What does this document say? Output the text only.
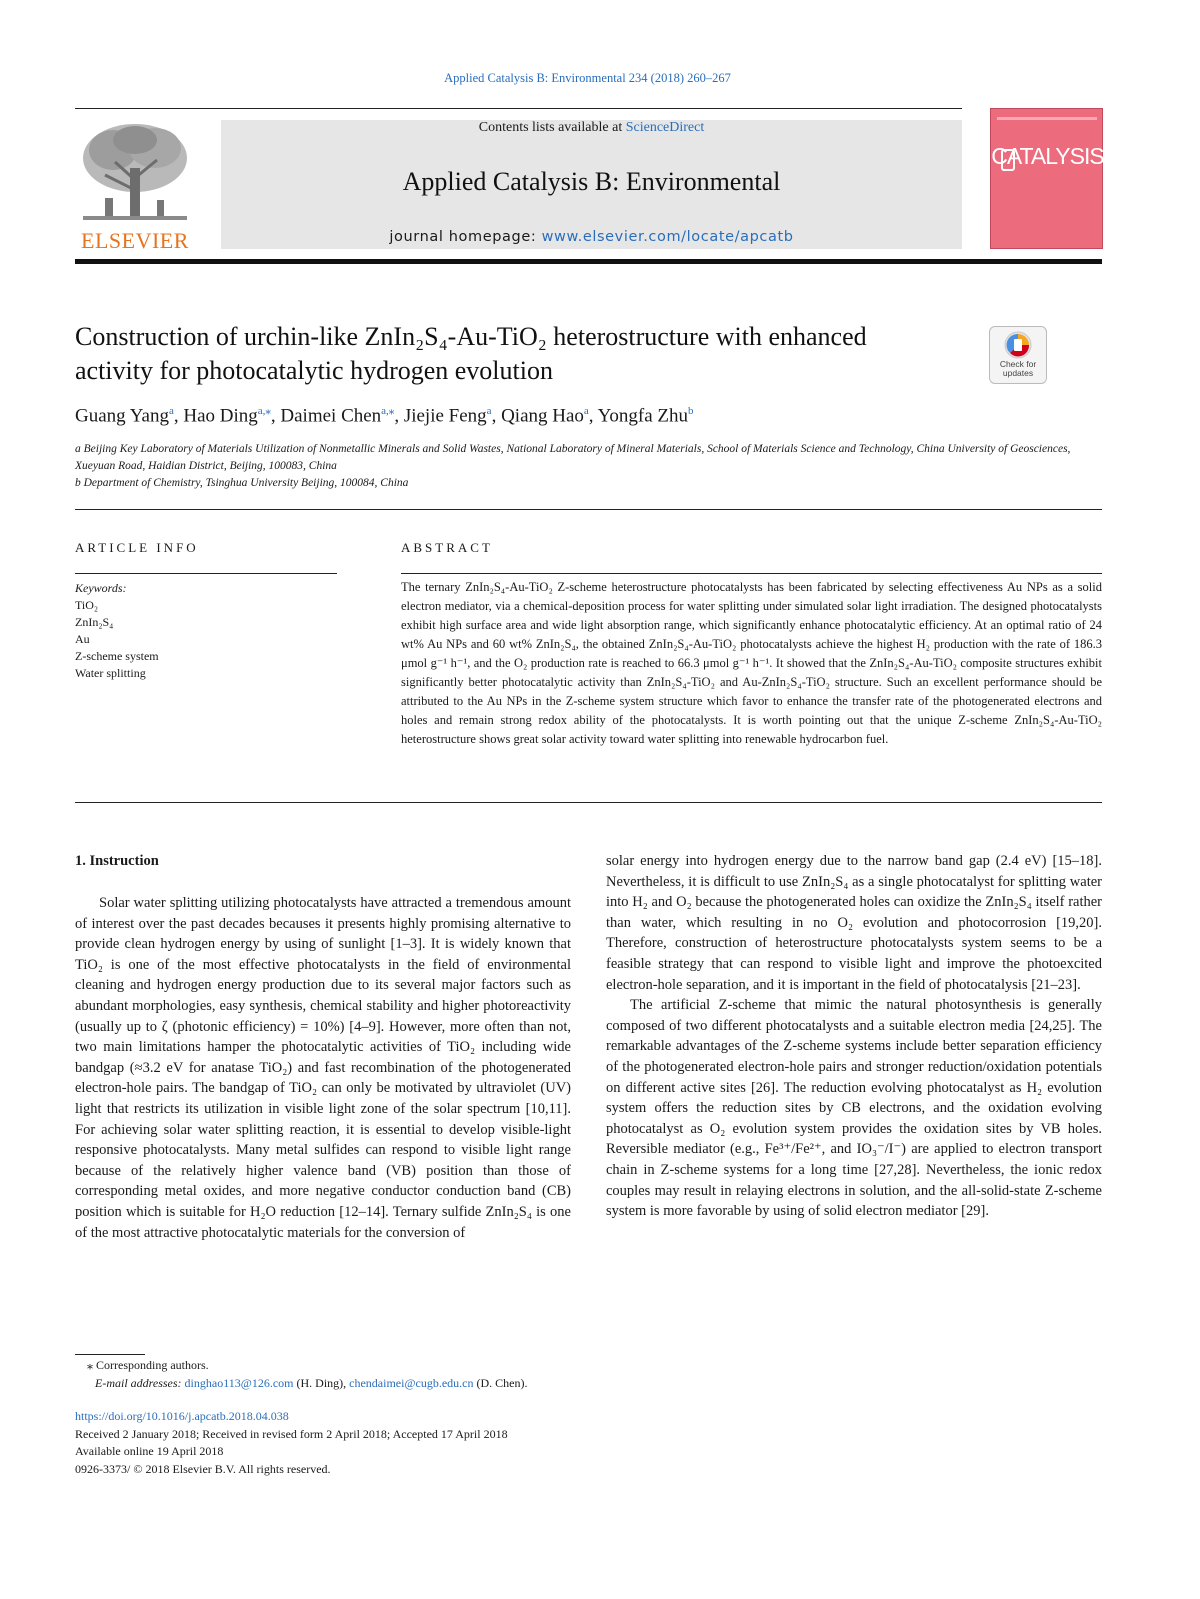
Applied Catalysis B: Environmental 234 (2018) 260–267
ELSEVIER
Contents lists available at ScienceDirect
Applied Catalysis B: Environmental
journal homepage: www.elsevier.com/locate/apcatb
CATALYSIS
Construction of urchin-like ZnIn₂S₄-Au-TiO₂ heterostructure with enhanced
activity for photocatalytic hydrogen evolution	Check for updates
Guang Yang$^a$, Hao Ding$^{a,⁎}$, Daimei Chen$^{a,⁎}$, Jiejie Feng$^a$, Qiang Hao$^a$, Yongfa Zhu$^b$
a Beijing Key Laboratory of Materials Utilization of Nonmetallic Minerals and Solid Wastes, National Laboratory of Mineral Materials, School of Materials Science and Technology, China University of Geosciences, Xueyuan Road, Haidian District, Beijing, 100083, China
b Department of Chemistry, Tsinghua University Beijing, 100084, China
ARTICLE INFO	ABSTRACT
Keywords:
TiO₂
ZnIn₂S₄
Au
Z-scheme system
Water splitting
The ternary ZnIn₂S₄-Au-TiO₂ Z-scheme heterostructure photocatalysts has been fabricated by selecting effectiveness Au NPs as a solid electron mediator, via a chemical-deposition process for water splitting under simulated solar light irradiation. The designed photocatalysts exhibit high surface area and wide light absorption range, which significantly enhance photocatalytic efficiency. At an optimal ratio of 24 wt% Au NPs and 60 wt% ZnIn₂S₄, the obtained ZnIn₂S₄-Au-TiO₂ photocatalysts achieve the highest H₂ production with the rate of 186.3 μmol g⁻¹ h⁻¹, and the O₂ production rate is reached to 66.3 μmol g⁻¹ h⁻¹. It showed that the ZnIn₂S₄-Au-TiO₂ composite structures exhibit significantly better photocatalytic activity than ZnIn₂S₄-TiO₂ and Au-ZnIn₂S₄-TiO₂ structure. Such an excellent performance should be attributed to the Au NPs in the Z-scheme system structure which favor to enhance the transfer rate of the photogenerated electrons and holes and remain strong redox ability of the photocatalysts. It is worth pointing out that the unique Z-scheme ZnIn₂S₄-Au-TiO₂ heterostructure shows great solar activity toward water splitting into renewable hydrocarbon fuel.
1. Instruction

Solar water splitting utilizing photocatalysts have attracted a tremendous amount of interest over the past decades becauses it presents highly promising alternative to provide clean hydrogen energy by using of sunlight [1–3]. It is widely known that TiO₂ is one of the most effective photocatalysts in the field of environmental cleaning and hydrogen energy production due to its several major factors such as abundant morphologies, easy synthesis, chemical stability and higher photoreactivity (usually up to ζ (photonic efficiency) = 10%) [4–9]. However, more often than not, two main limitations hamper the photocatalytic activities of TiO₂ including wide bandgap (≈3.2 eV for anatase TiO₂) and fast recombination of the photogenerated electron-hole pairs. The bandgap of TiO₂ can only be motivated by ultraviolet (UV) light that restricts its utilization in visible light zone of the solar spectrum [10,11]. For achieving solar water splitting reaction, it is essential to develop visible-light responsive photocatalysts. Many metal sulfides can respond to visible light range because of the relatively higher valence band (VB) position than those of corresponding metal oxides, and more negative conductor conduction band (CB) position which is suitable for H₂O reduction [12–14]. Ternary sulfide ZnIn₂S₄ is one of the most attractive photocatalytic materials for the conversion of

solar energy into hydrogen energy due to the narrow band gap (2.4 eV) [15–18]. Nevertheless, it is difficult to use ZnIn₂S₄ as a single photocatalyst for splitting water into H₂ and O₂ because the photogenerated holes can oxidize the ZnIn₂S₄ itself rather than water, which resulting in no O₂ evolution and photocorrosion [19,20]. Therefore, construction of heterostructure photocatalysts system seems to be a feasible strategy that can respond to visible light and improve the photoexcited electron-hole separation, and it is important in the field of photocatalysis [21–23].

The artificial Z-scheme that mimic the natural photosynthesis is generally composed of two different photocatalysts and a suitable electron media [24,25]. The remarkable advantages of the Z-scheme systems include better separation efficiency of the photogenerated electron-hole pairs and stronger reduction/oxidation potentials on different active sites [26]. The reduction evolving photocatalyst as H₂ evolution system offers the reduction sites by CB electrons, and the oxidation evolving photocatalyst as O₂ evolution system provides the oxidation sites by VB holes. Reversible mediator (e.g., Fe³⁺/Fe²⁺, and IO₃⁻/I⁻) are applied to electron transport chain in Z-scheme systems for a long time [27,28]. Nevertheless, the ionic redox couples may result in relaying electrons in solution, and the all-solid-state Z-scheme system is more favorable by using of solid electron mediator [29].

⁎ Corresponding authors.
E-mail addresses: dinghao113@126.com (H. Ding), chendaimei@cugb.edu.cn (D. Chen).
https://doi.org/10.1016/j.apcatb.2018.04.038
Received 2 January 2018; Received in revised form 2 April 2018; Accepted 17 April 2018
Available online 19 April 2018
0926-3373/ © 2018 Elsevier B.V. All rights reserved.
